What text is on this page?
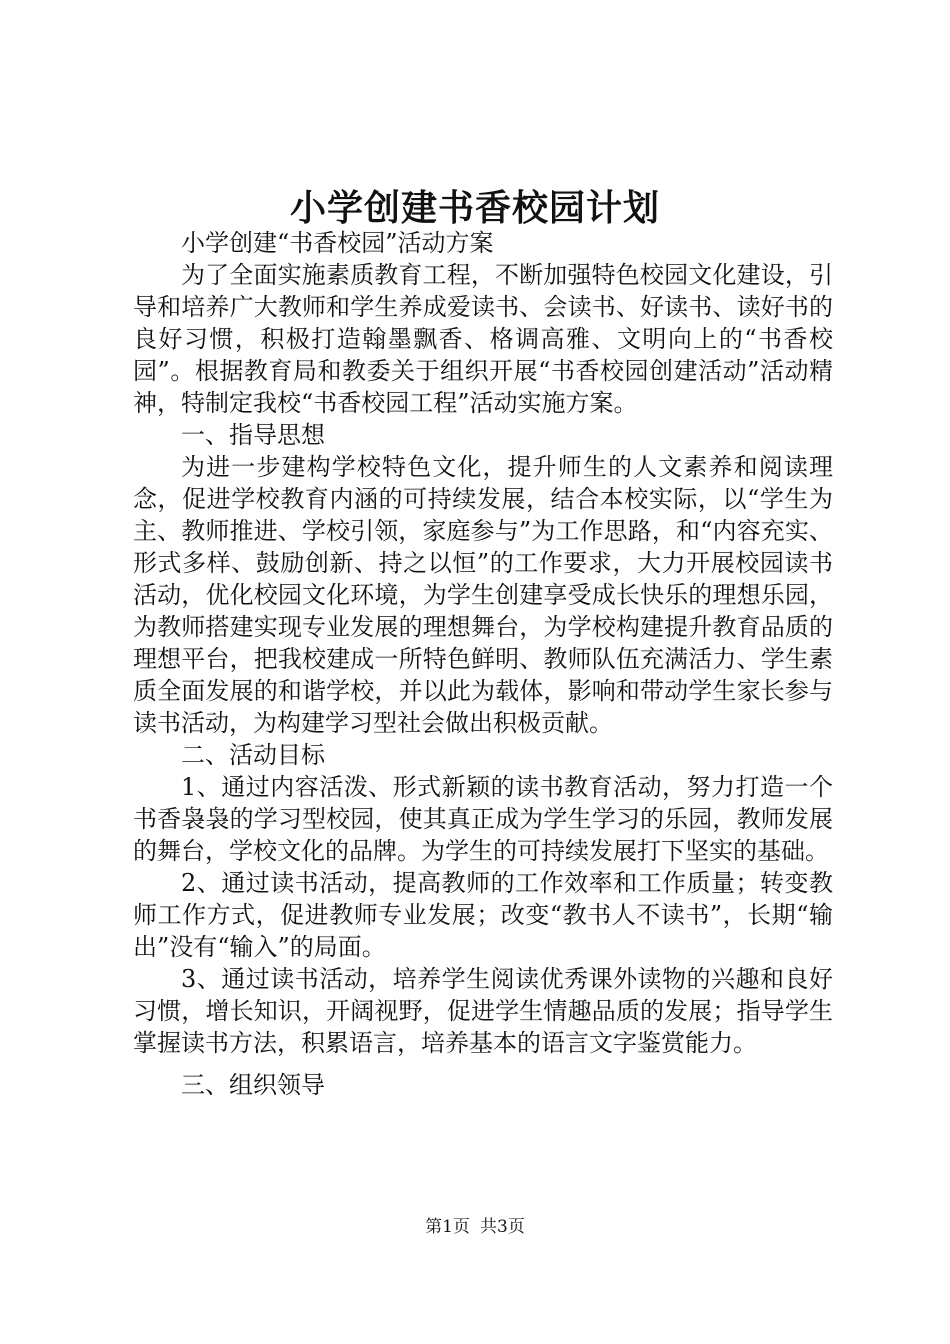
小学创建书香校园计划

小学创建“书香校园”活动方案

为了全面实施素质教育工程，不断加强特色校园文化建设，引导和培养广大教师和学生养成爱读书、会读书、好读书、读好书的良好习惯，积极打造翰墨飘香、格调高雅、文明向上的“书香校园”。根据教育局和教委关于组织开展“书香校园创建活动”活动精神，特制定我校“书香校园工程”活动实施方案。

一、指导思想

为进一步建构学校特色文化，提升师生的人文素养和阅读理念，促进学校教育内涵的可持续发展，结合本校实际，以“学生为主、教师推进、学校引领，家庭参与”为工作思路，和“内容充实、形式多样、鼓励创新、持之以恒”的工作要求，大力开展校园读书活动，优化校园文化环境，为学生创建享受成长快乐的理想乐园，为教师搭建实现专业发展的理想舞台，为学校构建提升教育品质的理想平台，把我校建成一所特色鲜明、教师队伍充满活力、学生素质全面发展的和谐学校，并以此为载体，影响和带动学生家长参与读书活动，为构建学习型社会做出积极贡献。

二、活动目标

1、通过内容活泼、形式新颖的读书教育活动，努力打造一个书香袅袅的学习型校园，使其真正成为学生学习的乐园，教师发展的舞台，学校文化的品牌。为学生的可持续发展打下坚实的基础。

2、通过读书活动，提高教师的工作效率和工作质量；转变教师工作方式，促进教师专业发展；改变“教书人不读书”，长期“输出”没有“输入”的局面。

3、通过读书活动，培养学生阅读优秀课外读物的兴趣和良好习惯，增长知识，开阔视野，促进学生情趣品质的发展；指导学生掌握读书方法，积累语言，培养基本的语言文字鉴赏能力。

三、组织领导

第1页 共3页
